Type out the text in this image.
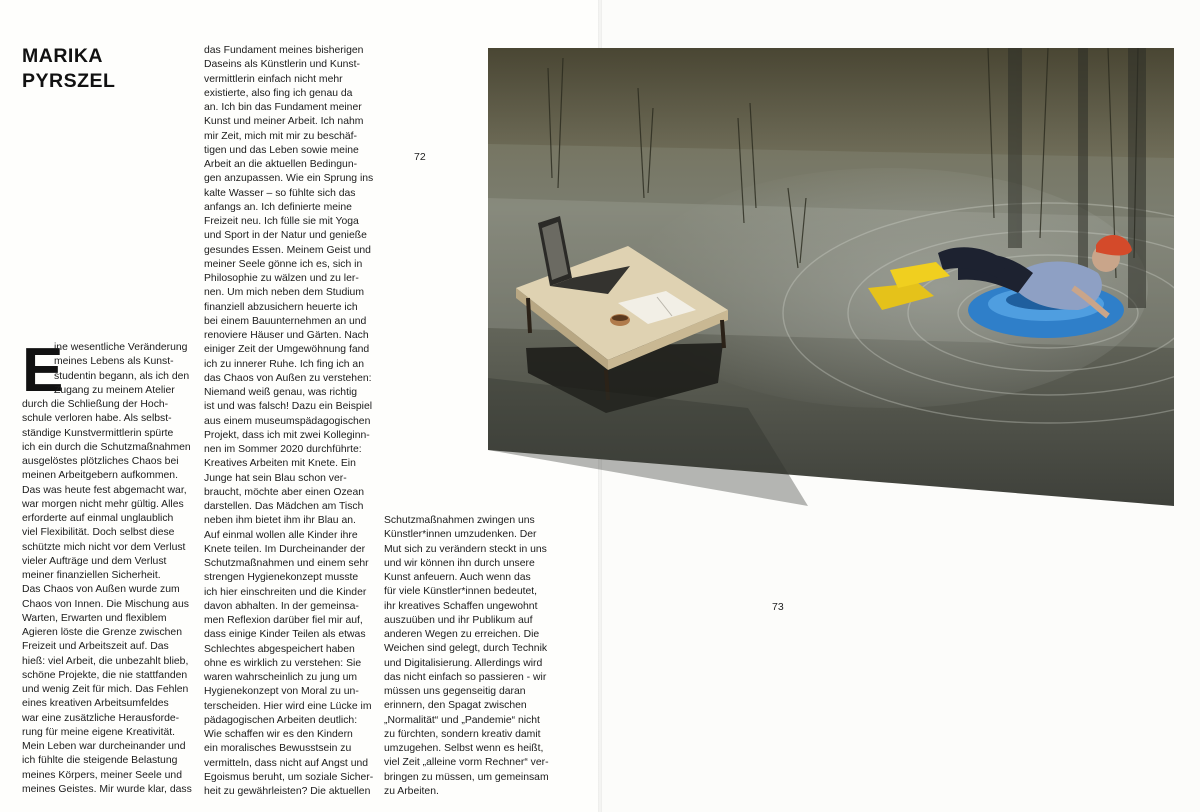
MARIKA
PYRSZEL
E
ine wesentliche Veränderung
meines Lebens als Kunst-
studentin begann, als ich den
Zugang zu meinem Atelier

durch die Schließung der Hoch-
schule verloren habe. Als selbst-
ständige Kunstvermittlerin spürte
ich ein durch die Schutzmaßnahmen
ausgelöstes plötzliches Chaos bei
meinen Arbeitgebern aufkommen.
Das was heute fest abgemacht war,
war morgen nicht mehr gültig. Alles
erforderte auf einmal unglaublich
viel Flexibilität. Doch selbst diese
schützte mich nicht vor dem Verlust
vieler Aufträge und dem Verlust
meiner finanziellen Sicherheit.
Das Chaos von Außen wurde zum
Chaos von Innen. Die Mischung aus
Warten, Erwarten und flexiblem
Agieren löste die Grenze zwischen
Freizeit und Arbeitszeit auf. Das
hieß: viel Arbeit, die unbezahlt blieb,
schöne Projekte, die nie stattfanden
und wenig Zeit für mich. Das Fehlen
eines kreativen Arbeitsumfeldes
war eine zusätzliche Herausforde-
rung für meine eigene Kreativität.
Mein Leben war durcheinander und
ich fühlte die steigende Belastung
meines Körpers, meiner Seele und
meines Geistes. Mir wurde klar, dass

das Fundament meines bisherigen
Daseins als Künstlerin und Kunst-
vermittlerin einfach nicht mehr
existierte, also fing ich genau da
an. Ich bin das Fundament meiner
Kunst und meiner Arbeit. Ich nahm
mir Zeit, mich mit mir zu beschäf-
tigen und das Leben sowie meine
Arbeit an die aktuellen Bedingun-
gen anzupassen. Wie ein Sprung ins
kalte Wasser – so fühlte sich das
anfangs an. Ich definierte meine
Freizeit neu. Ich fülle sie mit Yoga
und Sport in der Natur und genieße
gesundes Essen. Meinem Geist und
meiner Seele gönne ich es, sich in
Philosophie zu wälzen und zu ler-
nen. Um mich neben dem Studium
finanziell abzusichern heuerte ich
bei einem Bauunternehmen an und
renoviere Häuser und Gärten. Nach
einiger Zeit der Umgewöhnung fand
ich zu innerer Ruhe. Ich fing ich an
das Chaos von Außen zu verstehen:
Niemand weiß genau, was richtig
ist und was falsch! Dazu ein Beispiel
aus einem museumspädagogischen
Projekt, dass ich mit zwei Kolleginn-
nen im Sommer 2020 durchführte:
Kreatives Arbeiten mit Knete. Ein
Junge hat sein Blau schon ver-
braucht, möchte aber einen Ozean
darstellen. Das Mädchen am Tisch
neben ihm bietet ihm ihr Blau an.
Auf einmal wollen alle Kinder ihre
Knete teilen. Im Durcheinander der
Schutzmaßnahmen und einem sehr
strengen Hygienekonzept musste
ich hier einschreiten und die Kinder
davon abhalten. In der gemeinsa-
men Reflexion darüber fiel mir auf,
dass einige Kinder Teilen als etwas
Schlechtes abgespeichert haben
ohne es wirklich zu verstehen: Sie
waren wahrscheinlich zu jung um
Hygienekonzept von Moral zu un-
terscheiden. Hier wird eine Lücke im
pädagogischen Arbeiten deutlich:
Wie schaffen wir es den Kindern
ein moralisches Bewusstsein zu
vermitteln, dass nicht auf Angst und
Egoismus beruht, um soziale Sicher-
heit zu gewährleisten? Die aktuellen

Schutzmaßnahmen zwingen uns
Künstler*innen umzudenken. Der
Mut sich zu verändern steckt in uns
und wir können ihn durch unsere
Kunst anfeuern. Auch wenn das
für viele Künstler*innen bedeutet,
ihr kreatives Schaffen ungewohnt
auszuüben und ihr Publikum auf
anderen Wegen zu erreichen. Die
Weichen sind gelegt, durch Technik
und Digitalisierung. Allerdings wird
das nicht einfach so passieren - wir
müssen uns gegenseitig daran
erinnern, den Spagat zwischen
„Normalität“ und „Pandemie“ nicht
zu fürchten, sondern kreativ damit
umzugehen. Selbst wenn es heißt,
viel Zeit „alleine vorm Rechner“ ver-
bringen zu müssen, um gemeinsam
zu Arbeiten.

72
73
